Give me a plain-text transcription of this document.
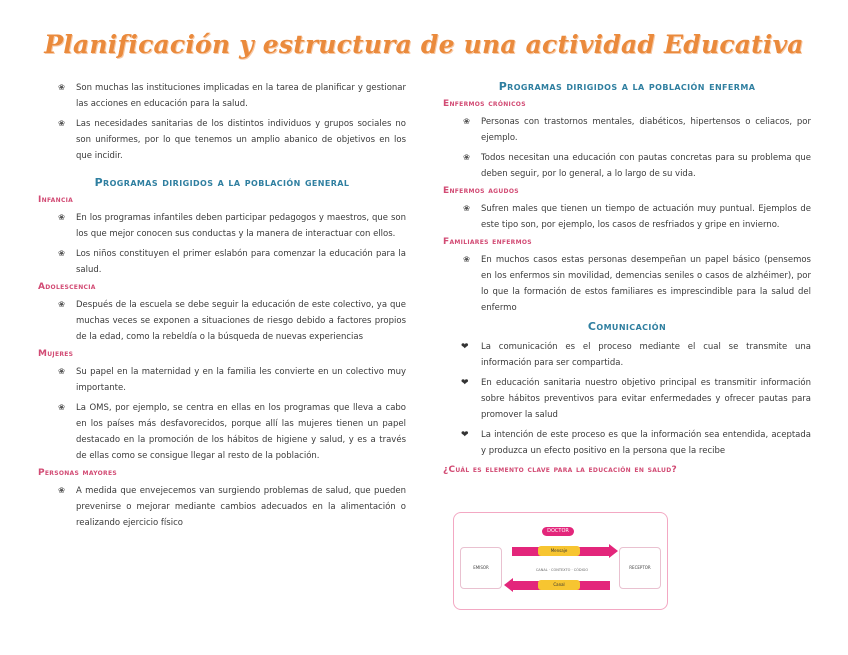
Planificación y estructura de una actividad Educativa
❀ Son muchas las instituciones implicadas en la tarea de planificar y gestionar las acciones en educación para la salud.
❀ Las necesidades sanitarias de los distintos individuos y grupos sociales no son uniformes, por lo que tenemos un amplio abanico de objetivos en los que incidir.
Programas dirigidos a la población general
Infancia
❀ En los programas infantiles deben participar pedagogos y maestros, que son los que mejor conocen sus conductas y la manera de interactuar con ellos.
❀ Los niños constituyen el primer eslabón para comenzar la educación para la salud.
Adolescencia
❀ Después de la escuela se debe seguir la educación de este colectivo, ya que muchas veces se exponen a situaciones de riesgo debido a factores propios de la edad, como la rebeldía o la búsqueda de nuevas experiencias
Mujeres
❀ Su papel en la maternidad y en la familia les convierte en un colectivo muy importante.
❀ La OMS, por ejemplo, se centra en ellas en los programas que lleva a cabo en los países más desfavorecidos, porque allí las mujeres tienen un papel destacado en la promoción de los hábitos de higiene y salud, y es a través de ellas como se consigue llegar al resto de la población.
Personas mayores
❀ A medida que envejecemos van surgiendo problemas de salud, que pueden prevenirse o mejorar mediante cambios adecuados en la alimentación o realizando ejercicio físico
Programas dirigidos a la población enferma
Enfermos crónicos
❀ Personas con trastornos mentales, diabéticos, hipertensos o celiacos, por ejemplo.
❀ Todos necesitan una educación con pautas concretas para su problema que deben seguir, por lo general, a lo largo de su vida.
Enfermos agudos
❀ Sufren males que tienen un tiempo de actuación muy puntual. Ejemplos de este tipo son, por ejemplo, los casos de resfriados y gripe en invierno.
Familiares enfermos
❀ En muchos casos estas personas desempeñan un papel básico (pensemos en los enfermos sin movilidad, demencias seniles o casos de alzhéimer), por lo que la formación de estos familiares es imprescindible para la salud del enfermo
Comunicación
❤ La comunicación es el proceso mediante el cual se transmite una información para ser compartida.
❤ En educación sanitaria nuestro objetivo principal es transmitir información sobre hábitos preventivos para evitar enfermedades y ofrecer pautas para promover la salud
❤ La intención de este proceso es que la información sea entendida, aceptada y produzca un efecto positivo en la persona que la recibe
¿Cuál es elemento clave para la educación en salud?
DOCTOR
EMISOR	RECEPTOR
Mensaje
CANAL · CONTEXTO · CÓDIGO
Canal
